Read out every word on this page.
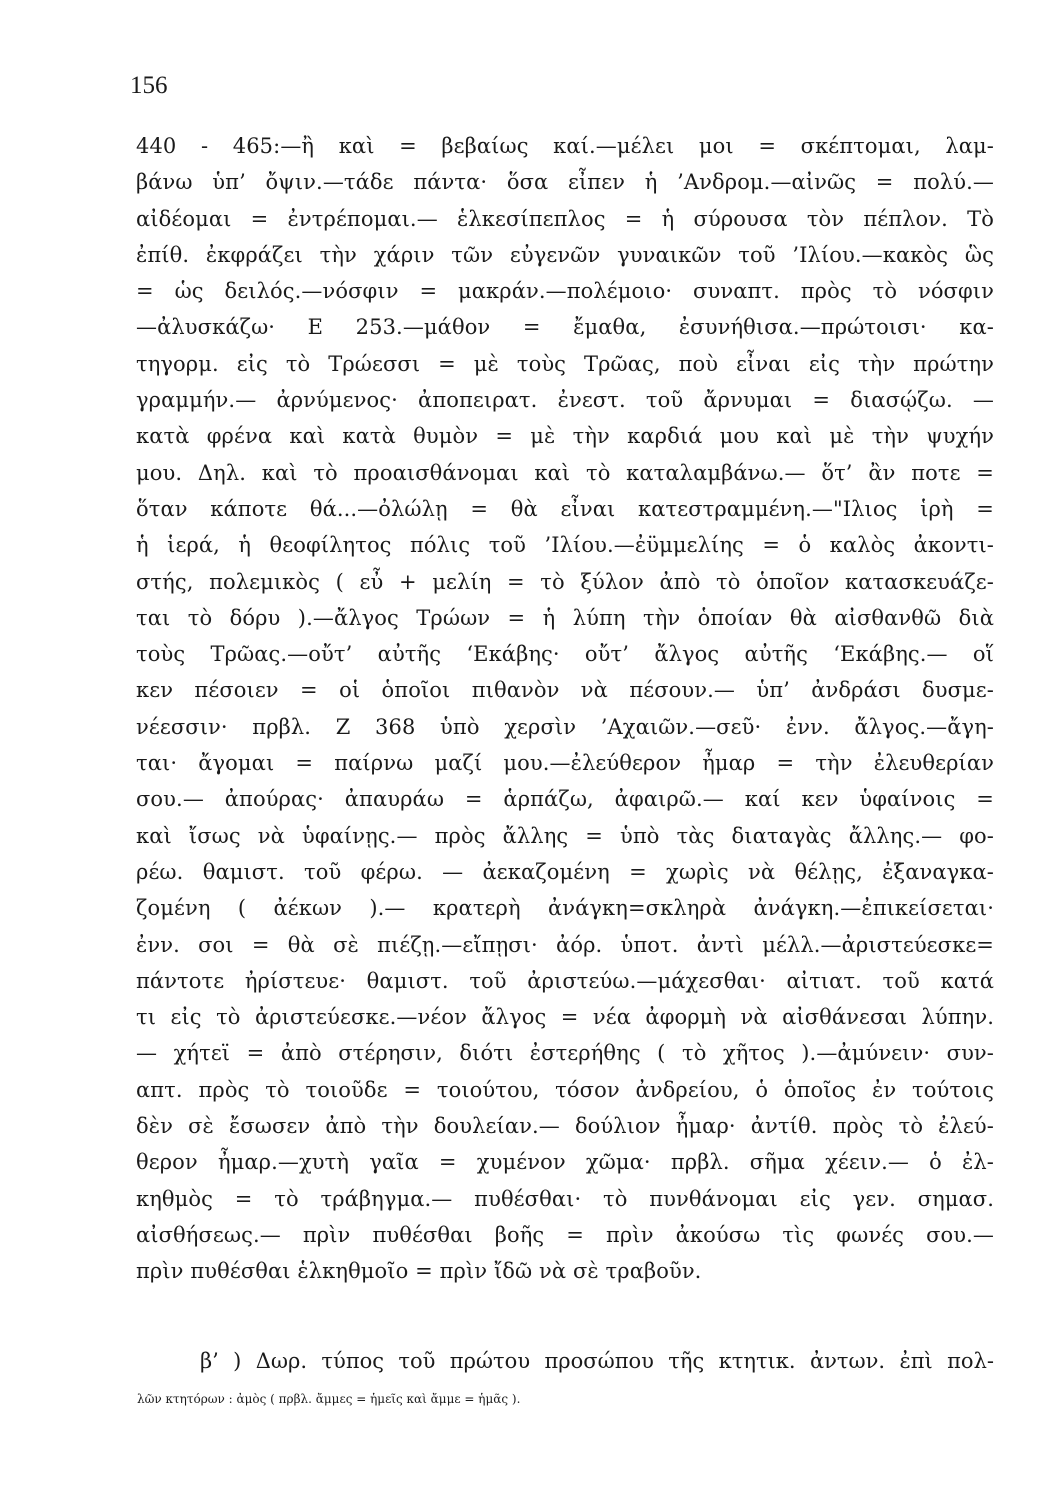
156
440 - 465:—ἢ καὶ = βεβαίως καί.—μέλει μοι = σκέπτομαι, λαμ-
βάνω ὑπ’ ὄψιν.—τάδε πάντα· ὅσα εἶπεν ἡ ’Ανδρομ.—αἰνῶς = πολύ.—
αἰδέομαι = ἐντρέπομαι.— ἑλκεσίπεπλος = ἡ σύρουσα τὸν πέπλον. Τὸ
ἐπίθ. ἐκφράζει τὴν χάριν τῶν εὐγενῶν γυναικῶν τοῦ ’Ιλίου.—κακὸς ὣς
= ὡς δειλός.—νόσφιν = μακράν.—πολέμοιο· συναπτ. πρὸς τὸ νόσφιν
—ἀλυσκάζω· Ε 253.—μάθον = ἔμαθα, ἐσυνήθισα.—πρώτοισι· κα-
τηγορμ. εἰς τὸ Τρώεσσι = μὲ τοὺς Τρῶας, ποὺ εἶναι εἰς τὴν πρώτην
γραμμήν.— ἀρνύμενος· ἀποπειρατ. ἐνεστ. τοῦ ἄρνυμαι = διασῴζω. —
κατὰ φρένα καὶ κατὰ θυμὸν = μὲ τὴν καρδιά μου καὶ μὲ τὴν ψυχήν
μου. Δηλ. καὶ τὸ προαισθάνομαι καὶ τὸ καταλαμβάνω.— ὅτ’ ἂν ποτε =
ὅταν κάποτε θά...—ὀλώλῃ = θὰ εἶναι κατεστραμμένη.—"Ιλιος ἱρὴ =
ἡ ἱερά, ἡ θεοφίλητος πόλις τοῦ ’Ιλίου.—ἐϋμμελίης = ὁ καλὸς ἀκοντι-
στής, πολεμικὸς ( εὖ + μελίη = τὸ ξύλον ἀπὸ τὸ ὁποῖον κατασκευάζε-
ται τὸ δόρυ ).—ἄλγος Τρώων = ἡ λύπη τὴν ὁποίαν θὰ αἰσθανθῶ διὰ
τοὺς Τρῶας.—οὔτ’ αὐτῆς ‘Εκάβης· οὔτ’ ἄλγος αὐτῆς ‘Εκάβης.— οἵ
κεν πέσοιεν = οἱ ὁποῖοι πιθανὸν νὰ πέσουν.— ὑπ’ ἀνδράσι δυσμε-
νέεσσιν· πρβλ. Ζ 368 ὑπὸ χερσὶν ’Αχαιῶν.—σεῦ· ἐνν. ἄλγος.—ἄγη-
ται· ἄγομαι = παίρνω μαζί μου.—ἐλεύθερον ἦμαρ = τὴν ἐλευθερίαν
σου.— ἀπούρας· ἀπαυράω = ἁρπάζω, ἀφαιρῶ.— καί κεν ὑφαίνοις =
καὶ ἴσως νὰ ὑφαίνῃς.— πρὸς ἄλλης = ὑπὸ τὰς διαταγὰς ἄλλης.— φο-
ρέω. θαμιστ. τοῦ φέρω. — ἀεκαζομένη = χωρὶς νὰ θέλῃς, ἐξαναγκα-
ζομένη ( ἀέκων ).— κρατερὴ ἀνάγκη=σκληρὰ ἀνάγκη.—ἐπικείσεται·
ἐνν. σοι = θὰ σὲ πιέζῃ.—εἴπῃσι· ἀόρ. ὑποτ. ἀντὶ μέλλ.—ἀριστεύεσκε=
πάντοτε ἠρίστευε· θαμιστ. τοῦ ἀριστεύω.—μάχεσθαι· αἰτιατ. τοῦ κατά
τι εἰς τὸ ἀριστεύεσκε.—νέον ἄλγος = νέα ἀφορμὴ νὰ αἰσθάνεσαι λύπην.
— χήτεϊ = ἀπὸ στέρησιν, διότι ἐστερήθης ( τὸ χῆτος ).—ἀμύνειν· συν-
απτ. πρὸς τὸ τοιοῦδε = τοιούτου, τόσον ἀνδρείου, ὁ ὁποῖος ἐν τούτοις
δὲν σὲ ἔσωσεν ἀπὸ τὴν δουλείαν.— δούλιον ἦμαρ· ἀντίθ. πρὸς τὸ ἐλεύ-
θερον ἦμαρ.—χυτὴ γαῖα = χυμένον χῶμα· πρβλ. σῆμα χέειν.— ὁ ἐλ-
κηθμὸς = τὸ τράβηγμα.— πυθέσθαι· τὸ πυνθάνομαι εἰς γεν. σημασ.
αἰσθήσεως.— πρὶν πυθέσθαι βοῆς = πρὶν ἀκούσω τὶς φωνές σου.—
πρὶν πυθέσθαι ἑλκηθμοῖο = πρὶν ἴδῶ νὰ σὲ τραβοῦν.
β’ ) Δωρ. τύπος τοῦ πρώτου προσώπου τῆς κτητικ. ἀντων. ἐπὶ πολ-
λῶν κτητόρων : ἀμὸς ( πρβλ. ἄμμες = ἡμεῖς καὶ ἄμμε = ἡμᾶς ).
